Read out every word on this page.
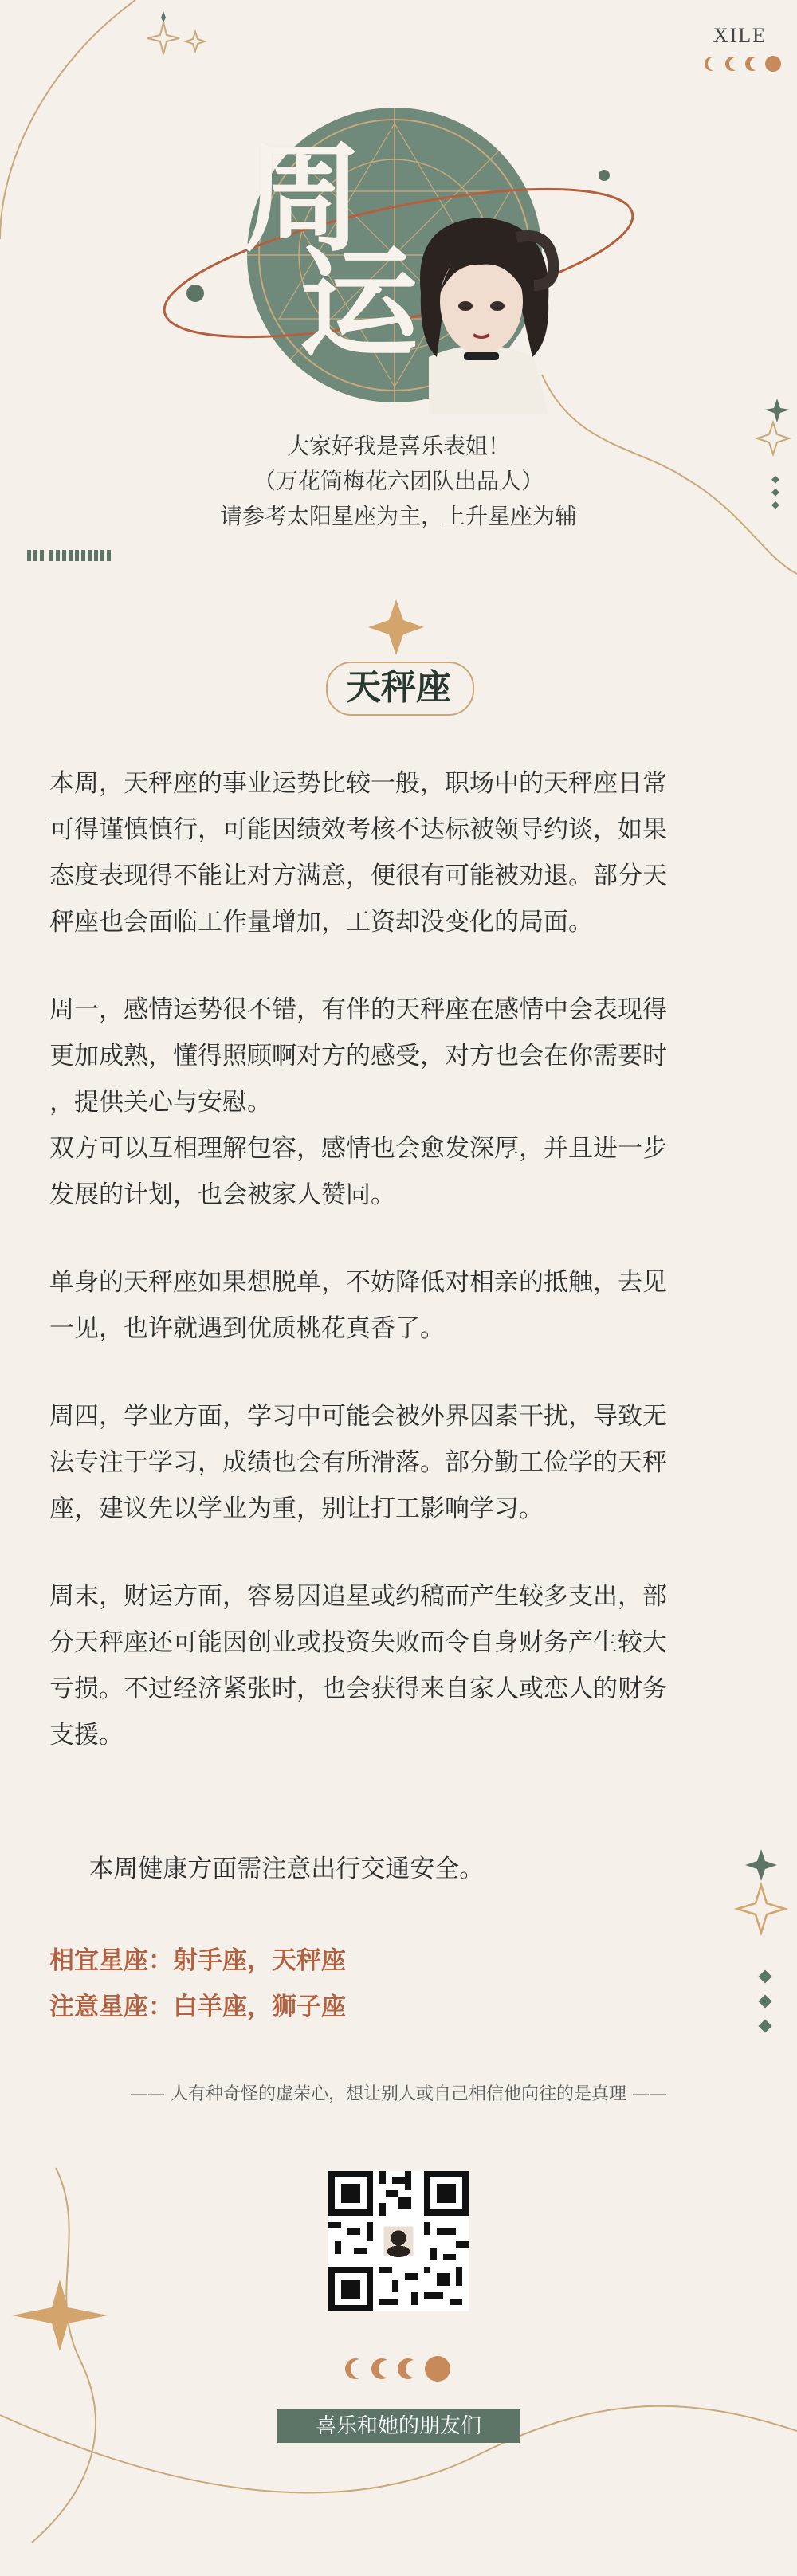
XILE
周
运
大家好我是喜乐表姐！
（万花筒梅花六团队出品人）
请参考太阳星座为主，上升星座为辅
天秤座

本周，天秤座的事业运势比较一般，职场中的天秤座日常
可得谨慎慎行，可能因绩效考核不达标被领导约谈，如果
态度表现得不能让对方满意，便很有可能被劝退。部分天
秤座也会面临工作量增加，工资却没变化的局面。

周一，感情运势很不错，有伴的天秤座在感情中会表现得
更加成熟，懂得照顾啊对方的感受，对方也会在你需要时
，提供关心与安慰。
双方可以互相理解包容，感情也会愈发深厚，并且进一步
发展的计划，也会被家人赞同。

单身的天秤座如果想脱单，不妨降低对相亲的抵触，去见
一见，也许就遇到优质桃花真香了。

周四，学业方面，学习中可能会被外界因素干扰，导致无
法专注于学习，成绩也会有所滑落。部分勤工俭学的天秤
座，建议先以学业为重，别让打工影响学习。

周末，财运方面，容易因追星或约稿而产生较多支出，部
分天秤座还可能因创业或投资失败而令自身财务产生较大
亏损。不过经济紧张时，也会获得来自家人或恋人的财务
支援。

本周健康方面需注意出行交通安全。

相宜星座：射手座，天秤座
注意星座：白羊座，狮子座
—— 人有种奇怪的虚荣心，想让别人或自己相信他向往的是真理 ——
喜乐和她的朋友们
